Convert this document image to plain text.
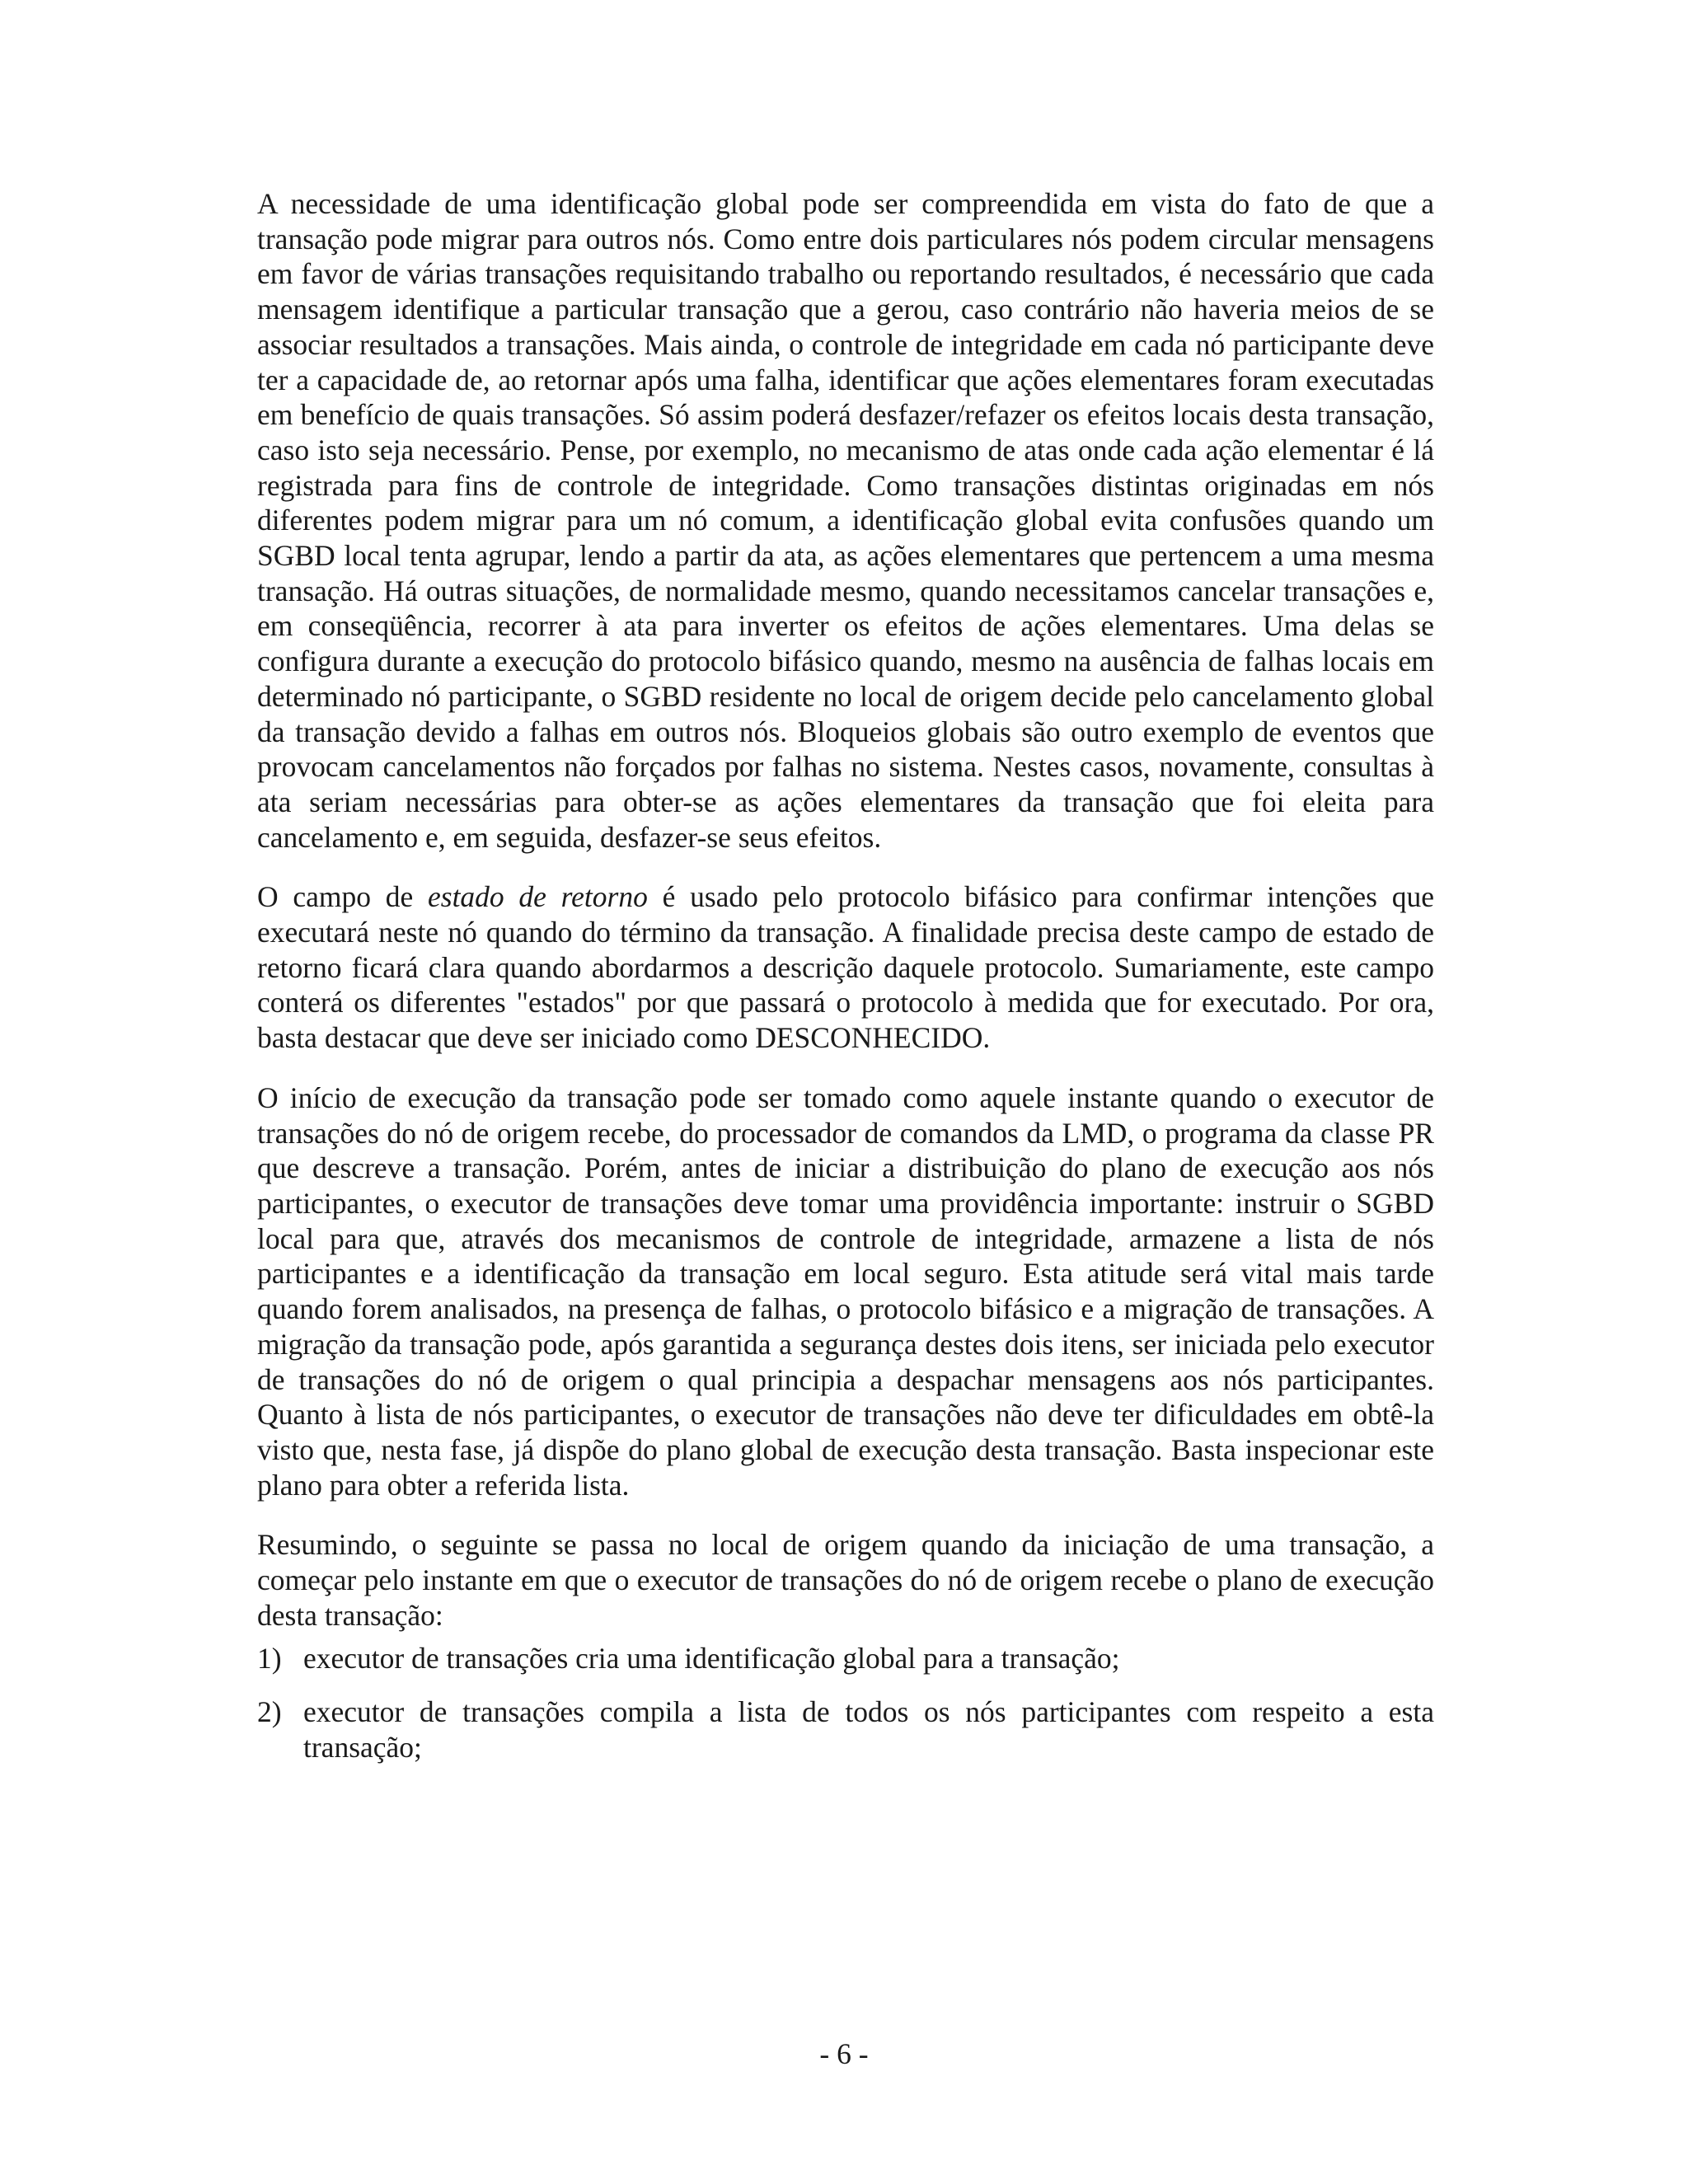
A necessidade de uma identificação global pode ser compreendida em vista do fato de que a transação pode migrar para outros nós. Como entre dois particulares nós podem circular mensagens em favor de várias transações requisitando trabalho ou reportando resultados, é necessário que cada mensagem identifique a particular transação que a gerou, caso contrário não haveria meios de se associar resultados a transações. Mais ainda, o controle de integridade em cada nó participante deve ter a capacidade de, ao retornar após uma falha, identificar que ações elementares foram executadas em benefício de quais transações. Só assim poderá desfazer/refazer os efeitos locais desta transação, caso isto seja necessário. Pense, por exemplo, no mecanismo de atas onde cada ação elementar é lá registrada para fins de controle de integridade. Como transações distintas originadas em nós diferentes podem migrar para um nó comum, a identificação global evita confusões quando um SGBD local tenta agrupar, lendo a partir da ata, as ações elementares que pertencem a uma mesma transação. Há outras situações, de normalidade mesmo, quando necessitamos cancelar transações e, em conseqüência, recorrer à ata para inverter os efeitos de ações elementares. Uma delas se configura durante a execução do protocolo bifásico quando, mesmo na ausência de falhas locais em determinado nó participante, o SGBD residente no local de origem decide pelo cancelamento global da transação devido a falhas em outros nós. Bloqueios globais são outro exemplo de eventos que provocam cancelamentos não forçados por falhas no sistema. Nestes casos, novamente, consultas à ata seriam necessárias para obter-se as ações elementares da transação que foi eleita para cancelamento e, em seguida, desfazer-se seus efeitos.

O campo de estado de retorno é usado pelo protocolo bifásico para confirmar intenções que executará neste nó quando do término da transação. A finalidade precisa deste campo de estado de retorno ficará clara quando abordarmos a descrição daquele protocolo. Sumariamente, este campo conterá os diferentes "estados" por que passará o protocolo à medida que for executado. Por ora, basta destacar que deve ser iniciado como DESCONHECIDO.

O início de execução da transação pode ser tomado como aquele instante quando o executor de transações do nó de origem recebe, do processador de comandos da LMD, o programa da classe PR que descreve a transação. Porém, antes de iniciar a distribuição do plano de execução aos nós participantes, o executor de transações deve tomar uma providência importante: instruir o SGBD local para que, através dos mecanismos de controle de integridade, armazene a lista de nós participantes e a identificação da transação em local seguro. Esta atitude será vital mais tarde quando forem analisados, na presença de falhas, o protocolo bifásico e a migração de transações. A migração da transação pode, após garantida a segurança destes dois itens, ser iniciada pelo executor de transações do nó de origem o qual principia a despachar mensagens aos nós participantes. Quanto à lista de nós participantes, o executor de transações não deve ter dificuldades em obtê-la visto que, nesta fase, já dispõe do plano global de execução desta transação. Basta inspecionar este plano para obter a referida lista.

Resumindo, o seguinte se passa no local de origem quando da iniciação de uma transação, a começar pelo instante em que o executor de transações do nó de origem recebe o plano de execução desta transação:

1) executor de transações cria uma identificação global para a transação;
2) executor de transações compila a lista de todos os nós participantes com respeito a esta transação;
- 6 -
